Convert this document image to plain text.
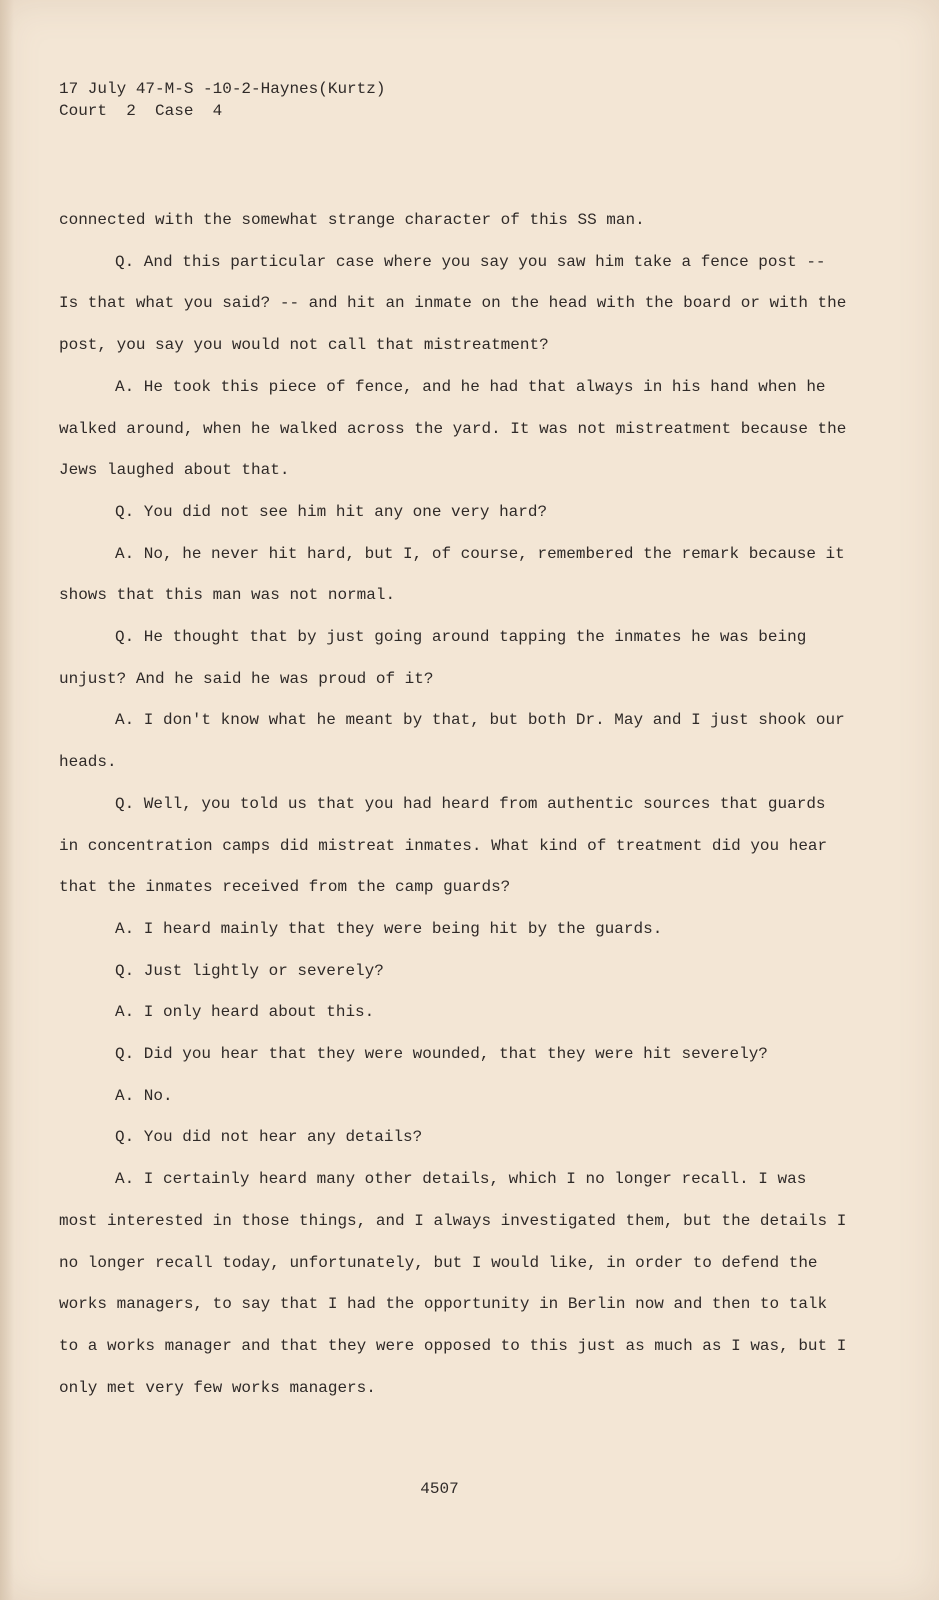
17 July 47-M-S -10-2-Haynes(Kurtz)
Court  2  Case  4

connected with the somewhat strange character of this SS man.

Q. And this particular case where you say you saw him take a fence post -- Is that what you said? -- and hit an inmate on the head with the board or with the post, you say you would not call that mistreatment?

A. He took this piece of fence, and he had that always in his hand when he walked around, when he walked across the yard. It was not mistreatment because the Jews laughed about that.

Q. You did not see him hit any one very hard?

A. No, he never hit hard, but I, of course, remembered the remark because it shows that this man was not normal.

Q. He thought that by just going around tapping the inmates he was being unjust? And he said he was proud of it?

A. I don't know what he meant by that, but both Dr. May and I just shook our heads.

Q. Well, you told us that you had heard from authentic sources that guards in concentration camps did mistreat inmates. What kind of treatment did you hear that the inmates received from the camp guards?

A. I heard mainly that they were being hit by the guards.

Q. Just lightly or severely?

A. I only heard about this.

Q. Did you hear that they were wounded, that they were hit severely?

A. No.

Q. You did not hear any details?

A. I certainly heard many other details, which I no longer recall. I was most interested in those things, and I always investigated them, but the details I no longer recall today, unfortunately, but I would like, in order to defend the works managers, to say that I had the opportunity in Berlin now and then to talk to a works manager and that they were opposed to this just as much as I was, but I only met very few works managers.

4507
